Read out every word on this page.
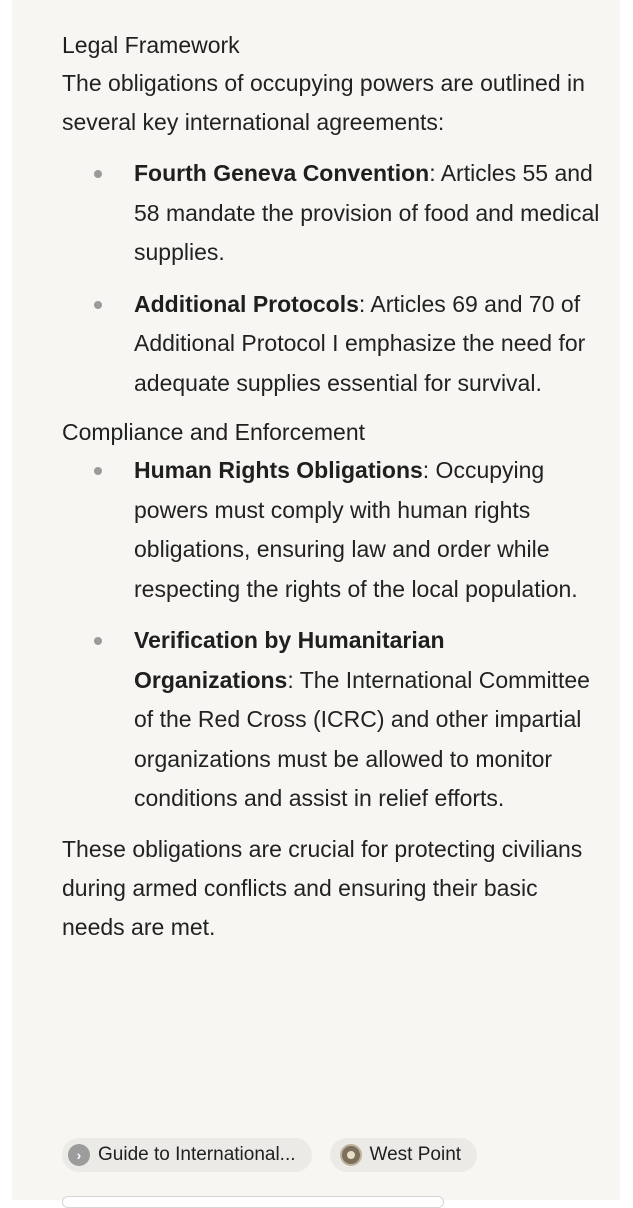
Legal Framework

The obligations of occupying powers are outlined in several key international agreements:

Fourth Geneva Convention: Articles 55 and 58 mandate the provision of food and medical supplies.
Additional Protocols: Articles 69 and 70 of Additional Protocol I emphasize the need for adequate supplies essential for survival.
Compliance and Enforcement
Human Rights Obligations: Occupying powers must comply with human rights obligations, ensuring law and order while respecting the rights of the local population.
Verification by Humanitarian Organizations: The International Committee of the Red Cross (ICRC) and other impartial organizations must be allowed to monitor conditions and assist in relief efforts.

These obligations are crucial for protecting civilians during armed conflicts and ensuring their basic needs are met.

› Guide to International...	West Point
